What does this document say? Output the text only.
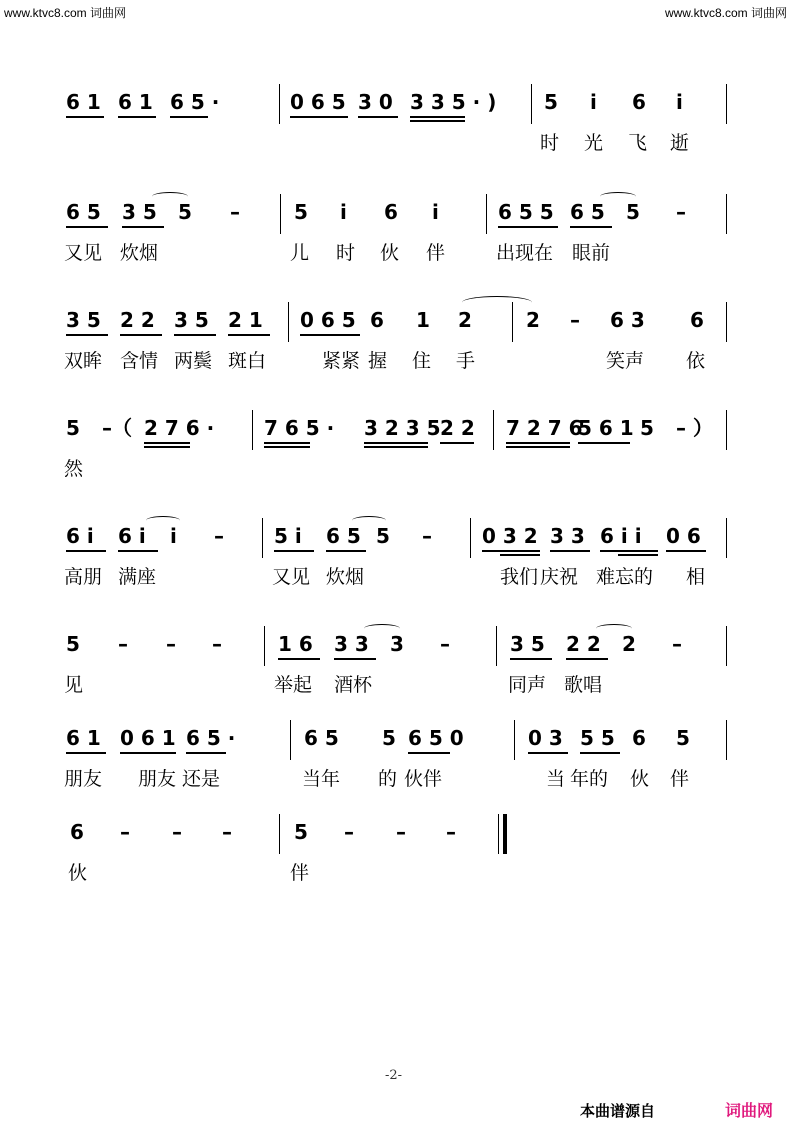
www.ktvc8.com 词曲网	www.ktvc8.com 词曲网
6 1 6 1 6 5 ·	0 6 5 3 0 3 3 5 · ) 5 i 6 i
时 光 飞 逝
6 5 3 5 5 –	5 i 6 i	6 5 5 6 5 5 –
又见 炊烟	儿 时 伙 伴	出现在 眼前
3 5 2 2 3 5 2 1 0 6 5 6 1 2	2 – 6 3 6
双眸 含情 两鬓 斑白	紧紧 握 住 手	笑声 依
5 –（ 2 7 6 · 7 6 5 · 3 2 3 5 2 2 7 2 7 6
5 6 1 5 – ）
然
6 i 6 i i –	5 i 6 5 5 –	0 3 2 3 3 6 i i 0 6
高朋 满座	又见 炊烟	我们 庆祝 难忘的 相
5 – – –	1 6 3 3 3 –	3 5 2 2 2 –
见	举起 酒杯	同声 歌唱
6 1 0 6 1 6 5 ·	6 5 5 6 5 0	0 3 5 5 6 5
朋友 朋友 还是	当年 的 伙伴	当 年的 伙 伴
6 – – –	5 – – –
伙	伴
-2-
本曲谱源自	词曲网
